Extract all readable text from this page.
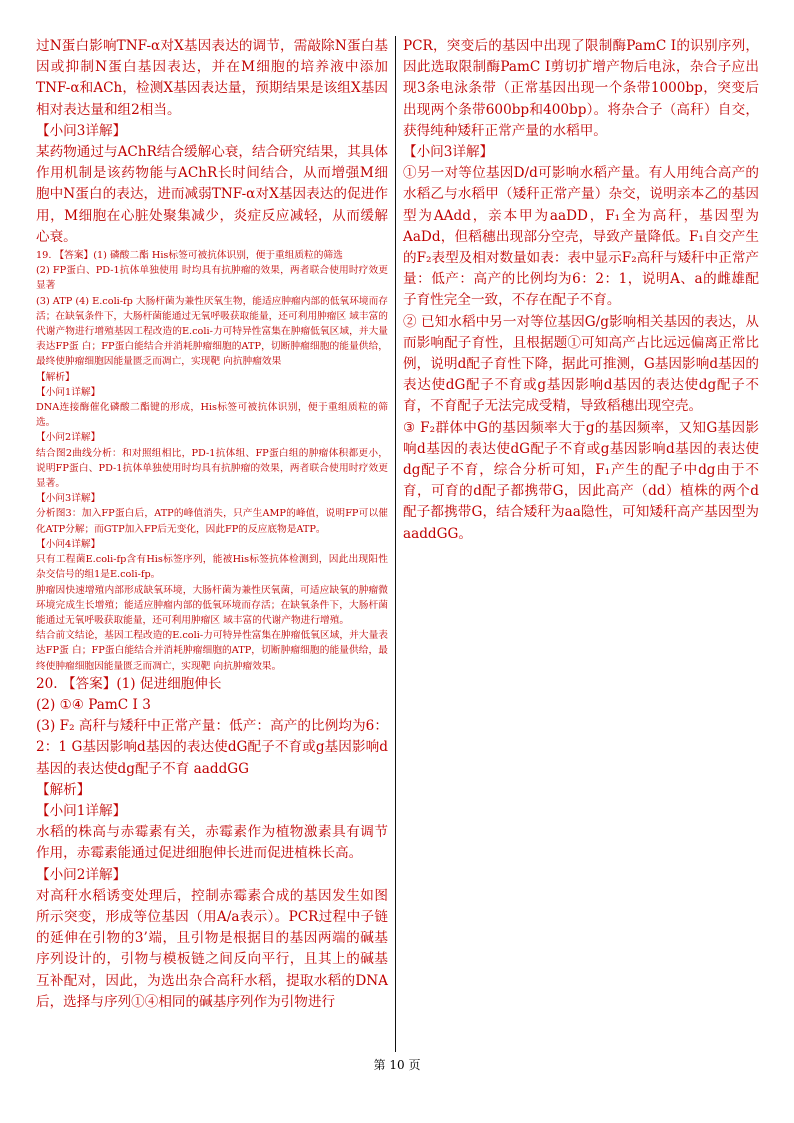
过N蛋白影响TNF-α对X基因表达的调节，需敲除N蛋白基因或抑制N蛋白基因表达，并在M细胞的培养液中添加TNF-α和ACh，检测X基因表达量，预期结果是该组X基因相对表达量和组2相当。

【小问3详解】

某药物通过与AChR结合缓解心衰，结合研究结果，其具体作用机制是该药物能与AChR长时间结合，从而增强M细胞中N蛋白的表达，进而减弱TNF-α对X基因表达的促进作用，M细胞在心脏处聚集减少，炎症反应减轻，从而缓解心衰。

19. 【答案】(1) 磷酸二酯 His标签可被抗体识别，便于重组质粒的筛选

(2) FP蛋白、PD-1抗体单独使用 时均具有抗肿瘤的效果，两者联合使用时疗效更显著

(3) ATP (4) E.coli-fp 大肠杆菌为兼性厌氧生物，能适应肿瘤内部的低氧环境而存活；在缺氧条件下，大肠杆菌能通过无氧呼吸获取能量，还可利用肿瘤区 域丰富的代谢产物进行增殖基因工程改造的E.coli-力可特异性富集在肿瘤低氧区域，并大量表达FP蛋 白；FP蛋白能结合并消耗肿瘤细胞的ATP，切断肿瘤细胞的能量供给，最终使肿瘤细胞因能量匮乏而凋亡，实现靶 向抗肿瘤效果

【解析】

【小问1详解】

DNA连接酶催化磷酸二酯键的形成，His标签可被抗体识别，便于重组质粒的筛选。

【小问2详解】

结合图2曲线分析：和对照组相比，PD-1抗体组、FP蛋白组的肿瘤体积都更小，说明FP蛋白、PD-1抗体单独使用时均具有抗肿瘤的效果，两者联合使用时疗效更显著。

【小问3详解】

分析图3：加入FP蛋白后，ATP的峰值消失，只产生AMP的峰值，说明FP可以催化ATP分解；而GTP加入FP后无变化，因此FP的反应底物是ATP。

【小问4详解】

只有工程菌E.coli-fp含有His标签序列，能被His标签抗体检测到，因此出现阳性杂交信号的组1是E.coli-fp。

肿瘤因快速增殖内部形成缺氧环境，大肠杆菌为兼性厌氧菌，可适应缺氧的肿瘤微环境完成生长增殖；能适应肿瘤内部的低氧环境而存活；在缺氧条件下，大肠杆菌能通过无氧呼吸获取能量，还可利用肿瘤区 域丰富的代谢产物进行增殖。

结合前文结论，基因工程改造的E.coli-力可特异性富集在肿瘤低氧区域，并大量表达FP蛋 白；FP蛋白能结合并消耗肿瘤细胞的ATP，切断肿瘤细胞的能量供给，最终使肿瘤细胞因能量匮乏而凋亡，实现靶 向抗肿瘤效果。

20. 【答案】(1) 促进细胞伸长

(2) ①④ PamC Ⅰ 3

(3) F₂ 高秆与矮秆中正常产量：低产：高产的比例均为6：2：1 G基因影响d基因的表达使dG配子不育或g基因影响d基因的表达使dg配子不育 aaddGG

【解析】

【小问1详解】

水稻的株高与赤霉素有关，赤霉素作为植物激素具有调节作用，赤霉素能通过促进细胞伸长进而促进植株长高。

【小问2详解】

对高秆水稻诱变处理后，控制赤霉素合成的基因发生如图所示突变，形成等位基因（用A/a表示）。PCR过程中子链的延伸在引物的3’端，且引物是根据目的基因两端的碱基序列设计的，引物与模板链之间反向平行，且其上的碱基互补配对，因此，为选出杂合高秆水稻，提取水稻的DNA后，选择与序列①④相同的碱基序列作为引物进行

PCR，突变后的基因中出现了限制酶PamC Ⅰ的识别序列，因此选取限制酶PamC Ⅰ剪切扩增产物后电泳，杂合子应出现3条电泳条带（正常基因出现一个条带1000bp，突变后出现两个条带600bp和400bp）。将杂合子（高秆）自交，获得纯种矮秆正常产量的水稻甲。

【小问3详解】

①另一对等位基因D/d可影响水稻产量。有人用纯合高产的水稻乙与水稻甲（矮秆正常产量）杂交，说明亲本乙的基因型为AAdd，亲本甲为aaDD，F₁全为高秆，基因型为AaDd，但稻穗出现部分空壳，导致产量降低。F₁自交产生的F₂表型及相对数量如表：表中显示F₂高秆与矮秆中正常产量：低产：高产的比例均为6：2：1，说明A、a的雌雄配子育性完全一致，不存在配子不育。

② 已知水稻中另一对等位基因G/g影响相关基因的表达，从而影响配子育性，且根据题①可知高产占比远远偏离正常比例，说明d配子育性下降，据此可推测，G基因影响d基因的表达使dG配子不育或g基因影响d基因的表达使dg配子不育，不育配子无法完成受精，导致稻穗出现空壳。

③ F₂群体中G的基因频率大于g的基因频率，又知G基因影响d基因的表达使dG配子不育或g基因影响d基因的表达使dg配子不育，综合分析可知，F₁产生的配子中dg由于不育，可育的d配子都携带G，因此高产（dd）植株的两个d配子都携带G，结合矮秆为aa隐性，可知矮秆高产基因型为aaddGG。

第 10 页
